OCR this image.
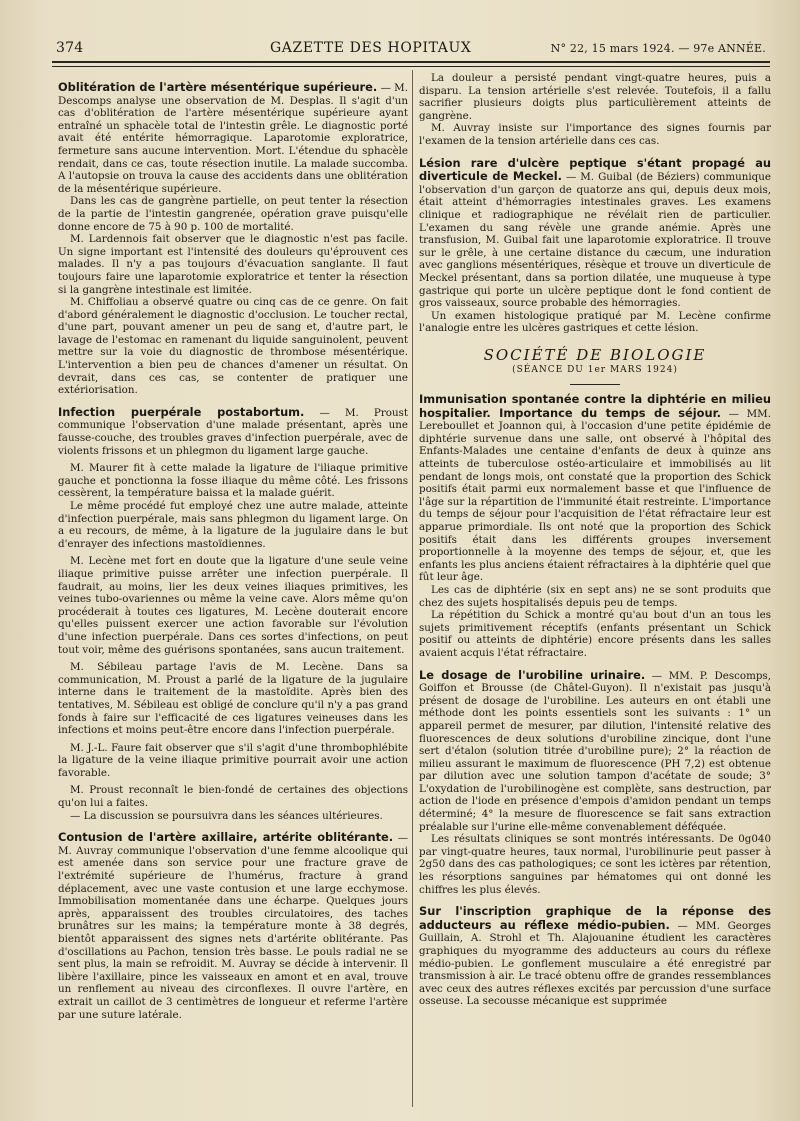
374	GAZETTE DES HOPITAUX	N° 22, 15 mars 1924. — 97e ANNÉE.

Oblitération de l'artère mésentérique supérieure. — M. Descomps analyse une observation de M. Desplas. Il s'agit d'un cas d'oblitération de l'artère mésentérique supérieure ayant entraîné un sphacèle total de l'intestin grêle. Le diagnostic porté avait été entérite hémorragique. Laparotomie exploratrice, fermeture sans aucune intervention. Mort. L'étendue du sphacèle rendait, dans ce cas, toute résection inutile. La malade succomba. A l'autopsie on trouva la cause des accidents dans une oblitération de la mésentérique supérieure.

Dans les cas de gangrène partielle, on peut tenter la résection de la partie de l'intestin gangrenée, opération grave puisqu'elle donne encore de 75 à 90 p. 100 de mortalité.

M. Lardennois fait observer que le diagnostic n'est pas facile. Un signe important est l'intensité des douleurs qu'éprouvent ces malades. Il n'y a pas toujours d'évacuation sanglante. Il faut toujours faire une laparotomie exploratrice et tenter la résection si la gangrène intestinale est limitée.

M. Chiffoliau a observé quatre ou cinq cas de ce genre. On fait d'abord généralement le diagnostic d'occlusion. Le toucher rectal, d'une part, pouvant amener un peu de sang et, d'autre part, le lavage de l'estomac en ramenant du liquide sanguinolent, peuvent mettre sur la voie du diagnostic de thrombose mésentérique. L'intervention a bien peu de chances d'amener un résultat. On devrait, dans ces cas, se contenter de pratiquer une extériorisation.

Infection puerpérale postabortum. — M. Proust communique l'observation d'une malade présentant, après une fausse-couche, des troubles graves d'infection puerpérale, avec de violents frissons et un phlegmon du ligament large gauche.

M. Maurer fit à cette malade la ligature de l'iliaque primitive gauche et ponctionna la fosse iliaque du même côté. Les frissons cessèrent, la température baissa et la malade guérit.

Le même procédé fut employé chez une autre malade, atteinte d'infection puerpérale, mais sans phlegmon du ligament large. On a eu recours, de même, à la ligature de la jugulaire dans le but d'enrayer des infections mastoïdiennes.

M. Lecène met fort en doute que la ligature d'une seule veine iliaque primitive puisse arrêter une infection puerpérale. Il faudrait, au moins, lier les deux veines iliaques primitives, les veines tubo-ovariennes ou même la veine cave. Alors même qu'on procéderait à toutes ces ligatures, M. Lecène douterait encore qu'elles puissent exercer une action favorable sur l'évolution d'une infection puerpérale. Dans ces sortes d'infections, on peut tout voir, même des guérisons spontanées, sans aucun traitement.

M. Sébileau partage l'avis de M. Lecène. Dans sa communication, M. Proust a parlé de la ligature de la jugulaire interne dans le traitement de la mastoïdite. Après bien des tentatives, M. Sébileau est obligé de conclure qu'il n'y a pas grand fonds à faire sur l'efficacité de ces ligatures veineuses dans les infections et moins peut-être encore dans l'infection puerpérale.

M. J.-L. Faure fait observer que s'il s'agit d'une thrombophlébite la ligature de la veine iliaque primitive pourrait avoir une action favorable.

M. Proust reconnaît le bien-fondé de certaines des objections qu'on lui a faites.

— La discussion se poursuivra dans les séances ultérieures.

Contusion de l'artère axillaire, artérite oblitérante. — M. Auvray communique l'observation d'une femme alcoolique qui est amenée dans son service pour une fracture grave de l'extrémité supérieure de l'humérus, fracture à grand déplacement, avec une vaste contusion et une large ecchymose. Immobilisation momentanée dans une écharpe. Quelques jours après, apparaissent des troubles circulatoires, des taches brunâtres sur les mains; la température monte à 38 degrés, bientôt apparaissent des signes nets d'artérite oblitérante. Pas d'oscillations au Pachon, tension très basse. Le pouls radial ne se sent plus, la main se refroidit. M. Auvray se décide à intervenir. Il libère l'axillaire, pince les vaisseaux en amont et en aval, trouve un renflement au niveau des circonflexes. Il ouvre l'artère, en extrait un caillot de 3 centimètres de longueur et referme l'artère par une suture latérale.

La douleur a persisté pendant vingt-quatre heures, puis a disparu. La tension artérielle s'est relevée. Toutefois, il a fallu sacrifier plusieurs doigts plus particulièrement atteints de gangrène.

M. Auvray insiste sur l'importance des signes fournis par l'examen de la tension artérielle dans ces cas.

Lésion rare d'ulcère peptique s'étant propagé au diverticule de Meckel. — M. Guibal (de Béziers) communique l'observation d'un garçon de quatorze ans qui, depuis deux mois, était atteint d'hémorragies intestinales graves. Les examens clinique et radiographique ne révélait rien de particulier. L'examen du sang révèle une grande anémie. Après une transfusion, M. Guibal fait une laparotomie exploratrice. Il trouve sur le grêle, à une certaine distance du cæcum, une induration avec ganglions mésentériques, résèque et trouve un diverticule de Meckel présentant, dans sa portion dilatée, une muqueuse à type gastrique qui porte un ulcère peptique dont le fond contient de gros vaisseaux, source probable des hémorragies.

Un examen histologique pratiqué par M. Lecène confirme l'analogie entre les ulcères gastriques et cette lésion.

SOCIÉTÉ DE BIOLOGIE
(SÉANCE DU 1er MARS 1924)

Immunisation spontanée contre la diphtérie en milieu hospitalier. Importance du temps de séjour. — MM. Lereboullet et Joannon qui, à l'occasion d'une petite épidémie de diphtérie survenue dans une salle, ont observé à l'hôpital des Enfants-Malades une centaine d'enfants de deux à quinze ans atteints de tuberculose ostéo-articulaire et immobilisés au lit pendant de longs mois, ont constaté que la proportion des Schick positifs était parmi eux normalement basse et que l'influence de l'âge sur la répartition de l'immunité était restreinte. L'importance du temps de séjour pour l'acquisition de l'état réfractaire leur est apparue primordiale. Ils ont noté que la proportion des Schick positifs était dans les différents groupes inversement proportionnelle à la moyenne des temps de séjour, et, que les enfants les plus anciens étaient réfractaires à la diphtérie quel que fût leur âge.

Les cas de diphtérie (six en sept ans) ne se sont produits que chez des sujets hospitalisés depuis peu de temps.

La répétition du Schick a montré qu'au bout d'un an tous les sujets primitivement réceptifs (enfants présentant un Schick positif ou atteints de diphtérie) encore présents dans les salles avaient acquis l'état réfractaire.

Le dosage de l'urobiline urinaire. — MM. P. Descomps, Goiffon et Brousse (de Châtel-Guyon). Il n'existait pas jusqu'à présent de dosage de l'urobiline. Les auteurs en ont établi une méthode dont les points essentiels sont les suivants : 1° un appareil permet de mesurer, par dilution, l'intensité relative des fluorescences de deux solutions d'urobiline zincique, dont l'une sert d'étalon (solution titrée d'urobiline pure); 2° la réaction de milieu assurant le maximum de fluorescence (PH 7,2) est obtenue par dilution avec une solution tampon d'acétate de soude; 3° L'oxydation de l'urobilinogène est complète, sans destruction, par action de l'iode en présence d'empois d'amidon pendant un temps déterminé; 4° la mesure de fluorescence se fait sans extraction préalable sur l'urine elle-même convenablement déféquée.

Les résultats cliniques se sont montrés intéressants. De 0g040 par vingt-quatre heures, taux normal, l'urobilinurie peut passer à 2g50 dans des cas pathologiques; ce sont les ictères par rétention, les résorptions sanguines par hématomes qui ont donné les chiffres les plus élevés.

Sur l'inscription graphique de la réponse des adducteurs au réflexe médio-pubien. — MM. Georges Guillain, A. Strohl et Th. Alajouanine étudient les caractères graphiques du myogramme des adducteurs au cours du réflexe médio-pubien. Le gonflement musculaire a été enregistré par transmission à air. Le tracé obtenu offre de grandes ressemblances avec ceux des autres réflexes excités par percussion d'une surface osseuse. La secousse mécanique est supprimée
